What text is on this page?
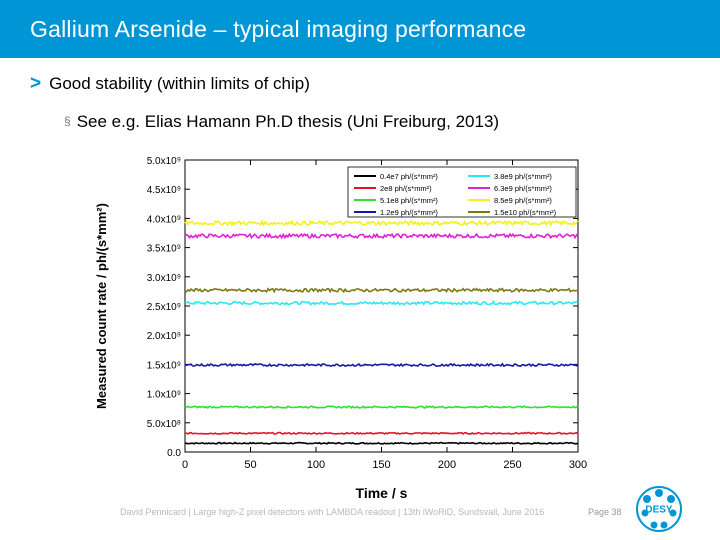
Gallium Arsenide – typical imaging performance
> Good stability (within limits of chip)
§ See e.g. Elias Hamann Ph.D thesis (Uni Freiburg, 2013)
0.0
5.0x10⁸
1.0x10⁹
1.5x10⁹
2.0x10⁹
2.5x10⁹
3.0x10⁹
3.5x10⁹
4.0x10⁹
4.5x10⁹
5.0x10⁹
0	50	100	150	200	250	300
Time / s
Measured count rate / ph/(s*mm²)
0.4e7 ph/(s*mm²)	3.8e9 ph/(s*mm²)
2e8 ph/(s*mm²)	6.3e9 ph/(s*mm²)
5.1e8 ph/(s*mm²)	8.5e9 ph/(s*mm²)
1.2e9 ph/(s*mm²)	1.5e10 ph/(s*mm²)
David Pennicard | Large high-Z pixel detectors with LAMBDA readout | 13th iWoRiD, Sundsvall, June 2016	Page 38 DESY
